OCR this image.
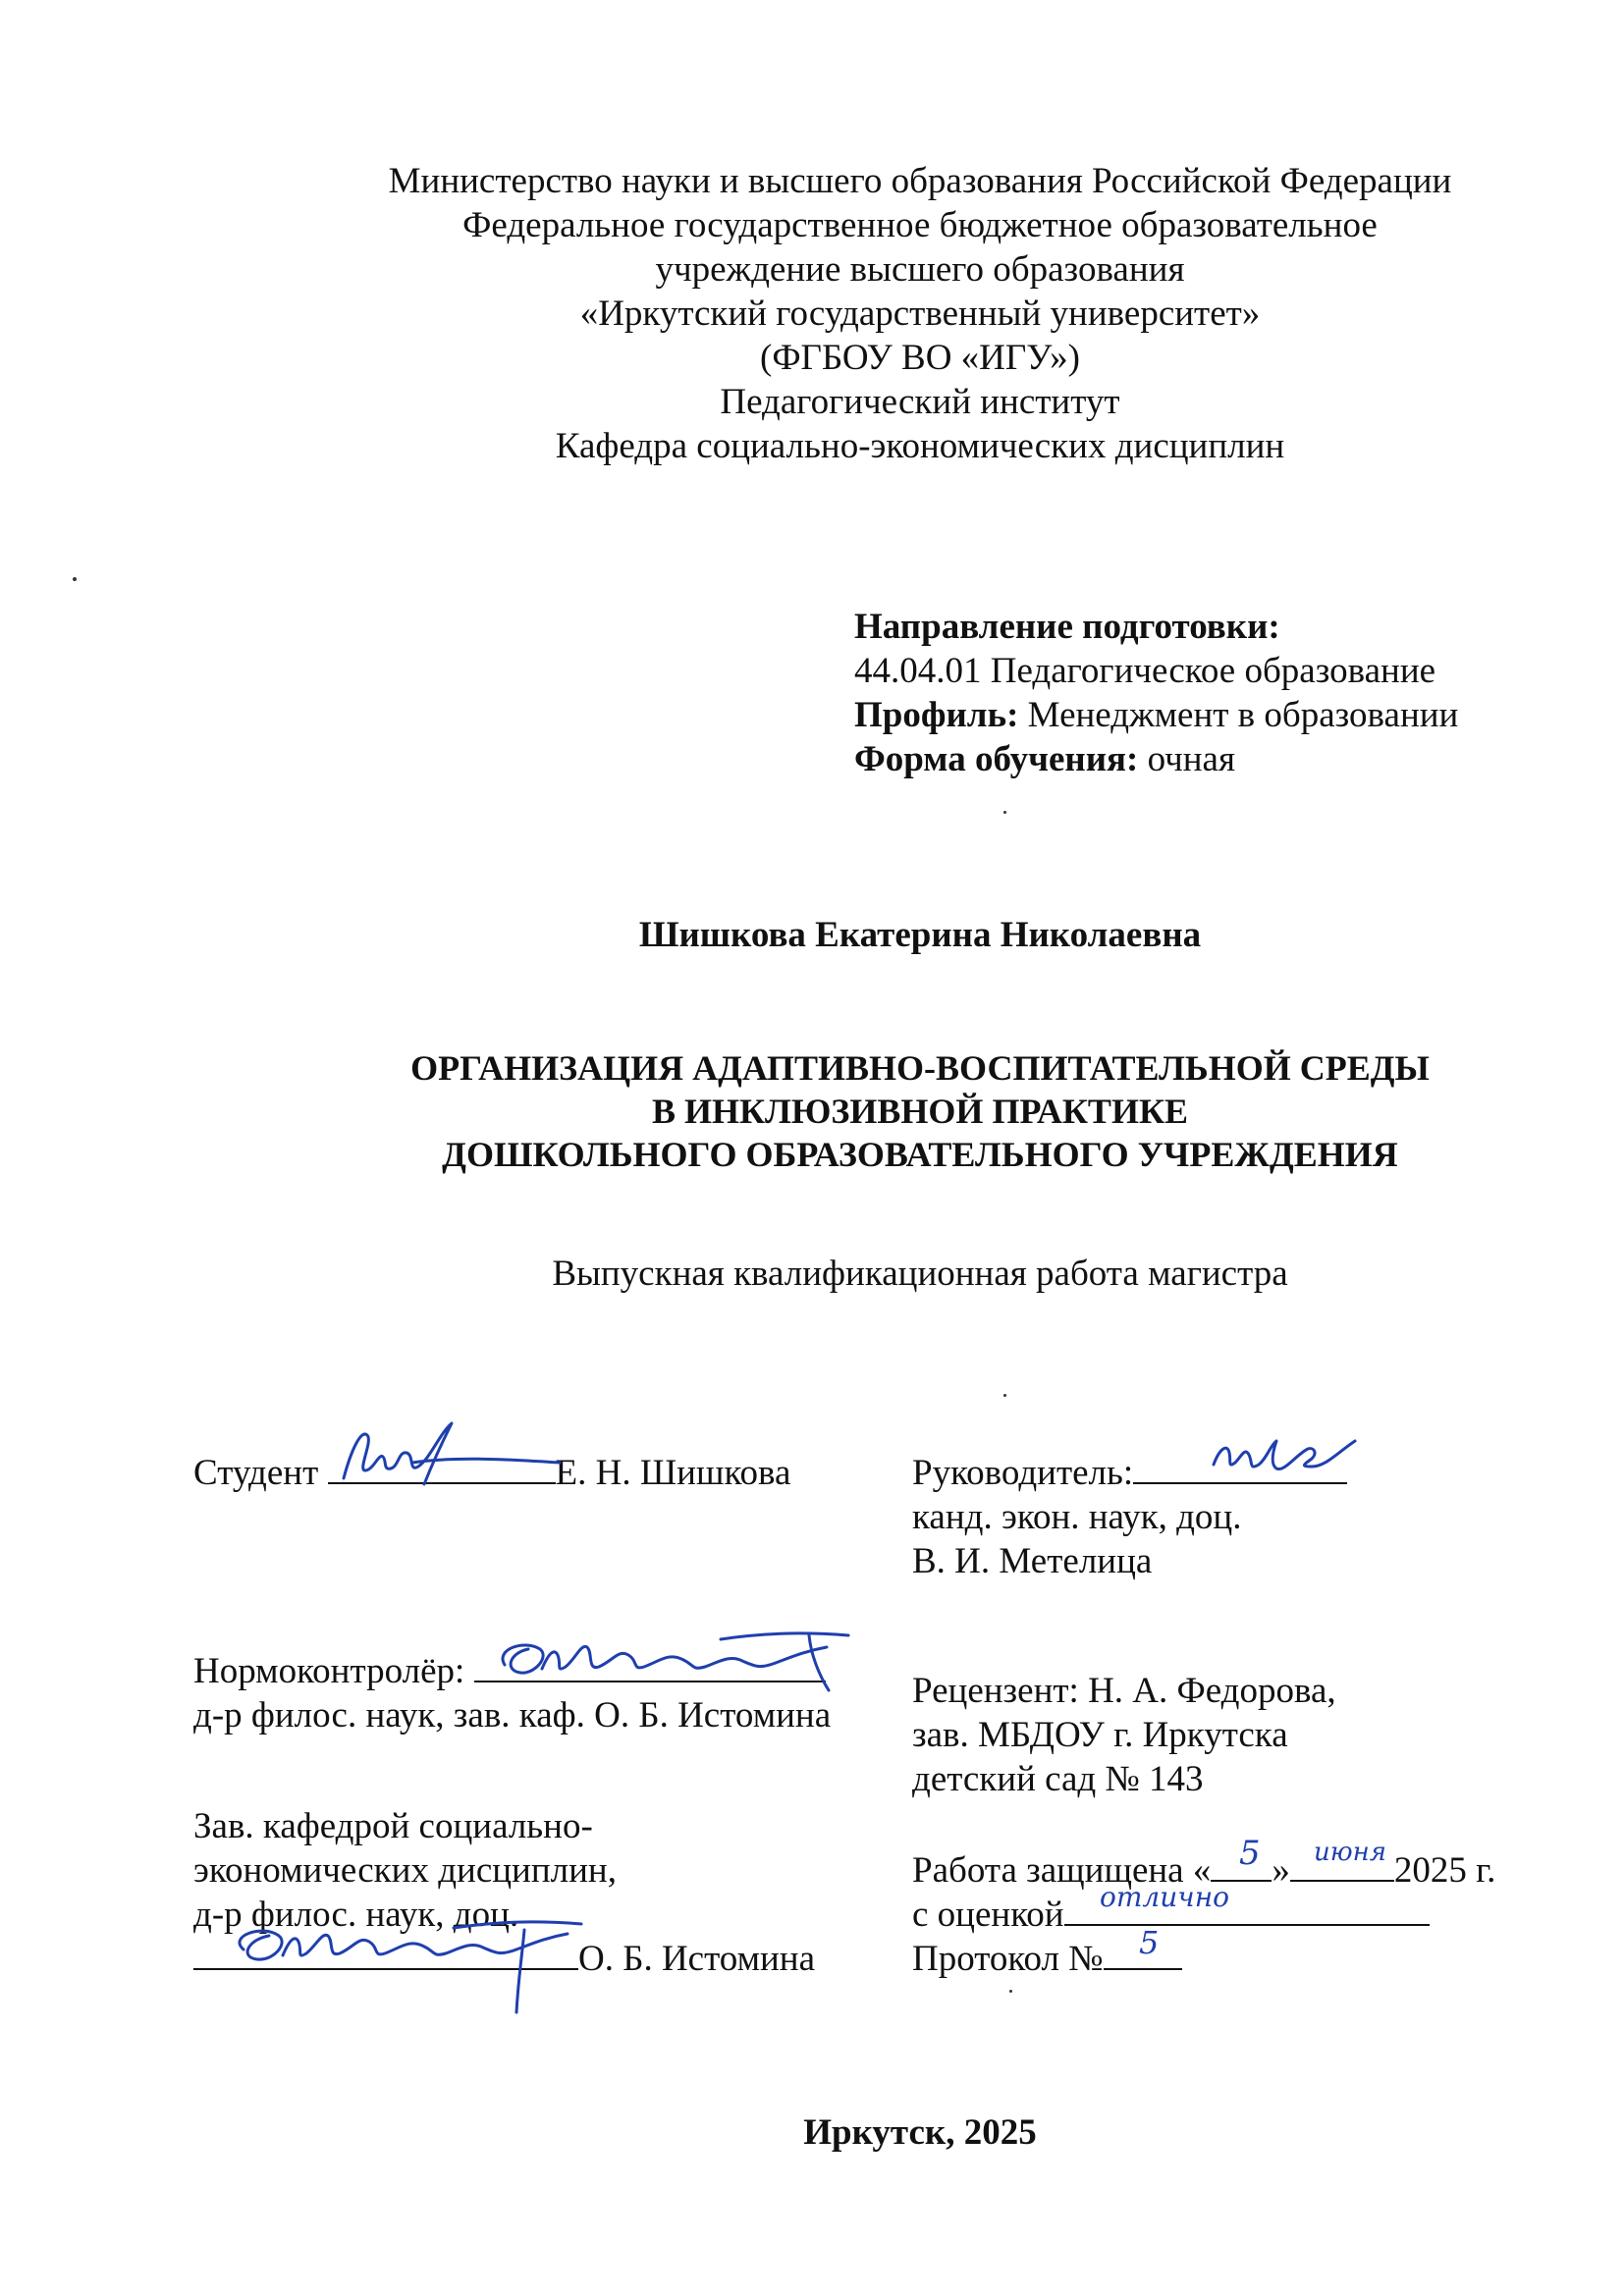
Министерство науки и высшего образования Российской Федерации
Федеральное государственное бюджетное образовательное
учреждение высшего образования
«Иркутский государственный университет»
(ФГБОУ ВО «ИГУ»)
Педагогический институт
Кафедра социально-экономических дисциплин
Направление подготовки:
44.04.01 Педагогическое образование
Профиль: Менеджмент в образовании
Форма обучения: очная
Шишкова Екатерина Николаевна
ОРГАНИЗАЦИЯ АДАПТИВНО-ВОСПИТАТЕЛЬНОЙ СРЕДЫ
В ИНКЛЮЗИВНОЙ ПРАКТИКЕ
ДОШКОЛЬНОГО ОБРАЗОВАТЕЛЬНОГО УЧРЕЖДЕНИЯ
Выпускная квалификационная работа магистра
Студент	Е. Н. Шишкова
Нормоконтролёр:
д-р филос. наук, зав. каф. О. Б. Истомина
Зав. кафедрой социально-
экономических дисциплин,
д-р филос. наук, доц.
О. Б. Истомина
Руководитель:
канд. экон. наук, доц.
В. И. Метелица
Рецензент: Н. А. Федорова,
зав. МБДОУ г. Иркутска
детский сад № 143
Работа защищена « »	2025 г.
с оценкой
Протокол №
5 июня
отлично
5
Иркутск, 2025
